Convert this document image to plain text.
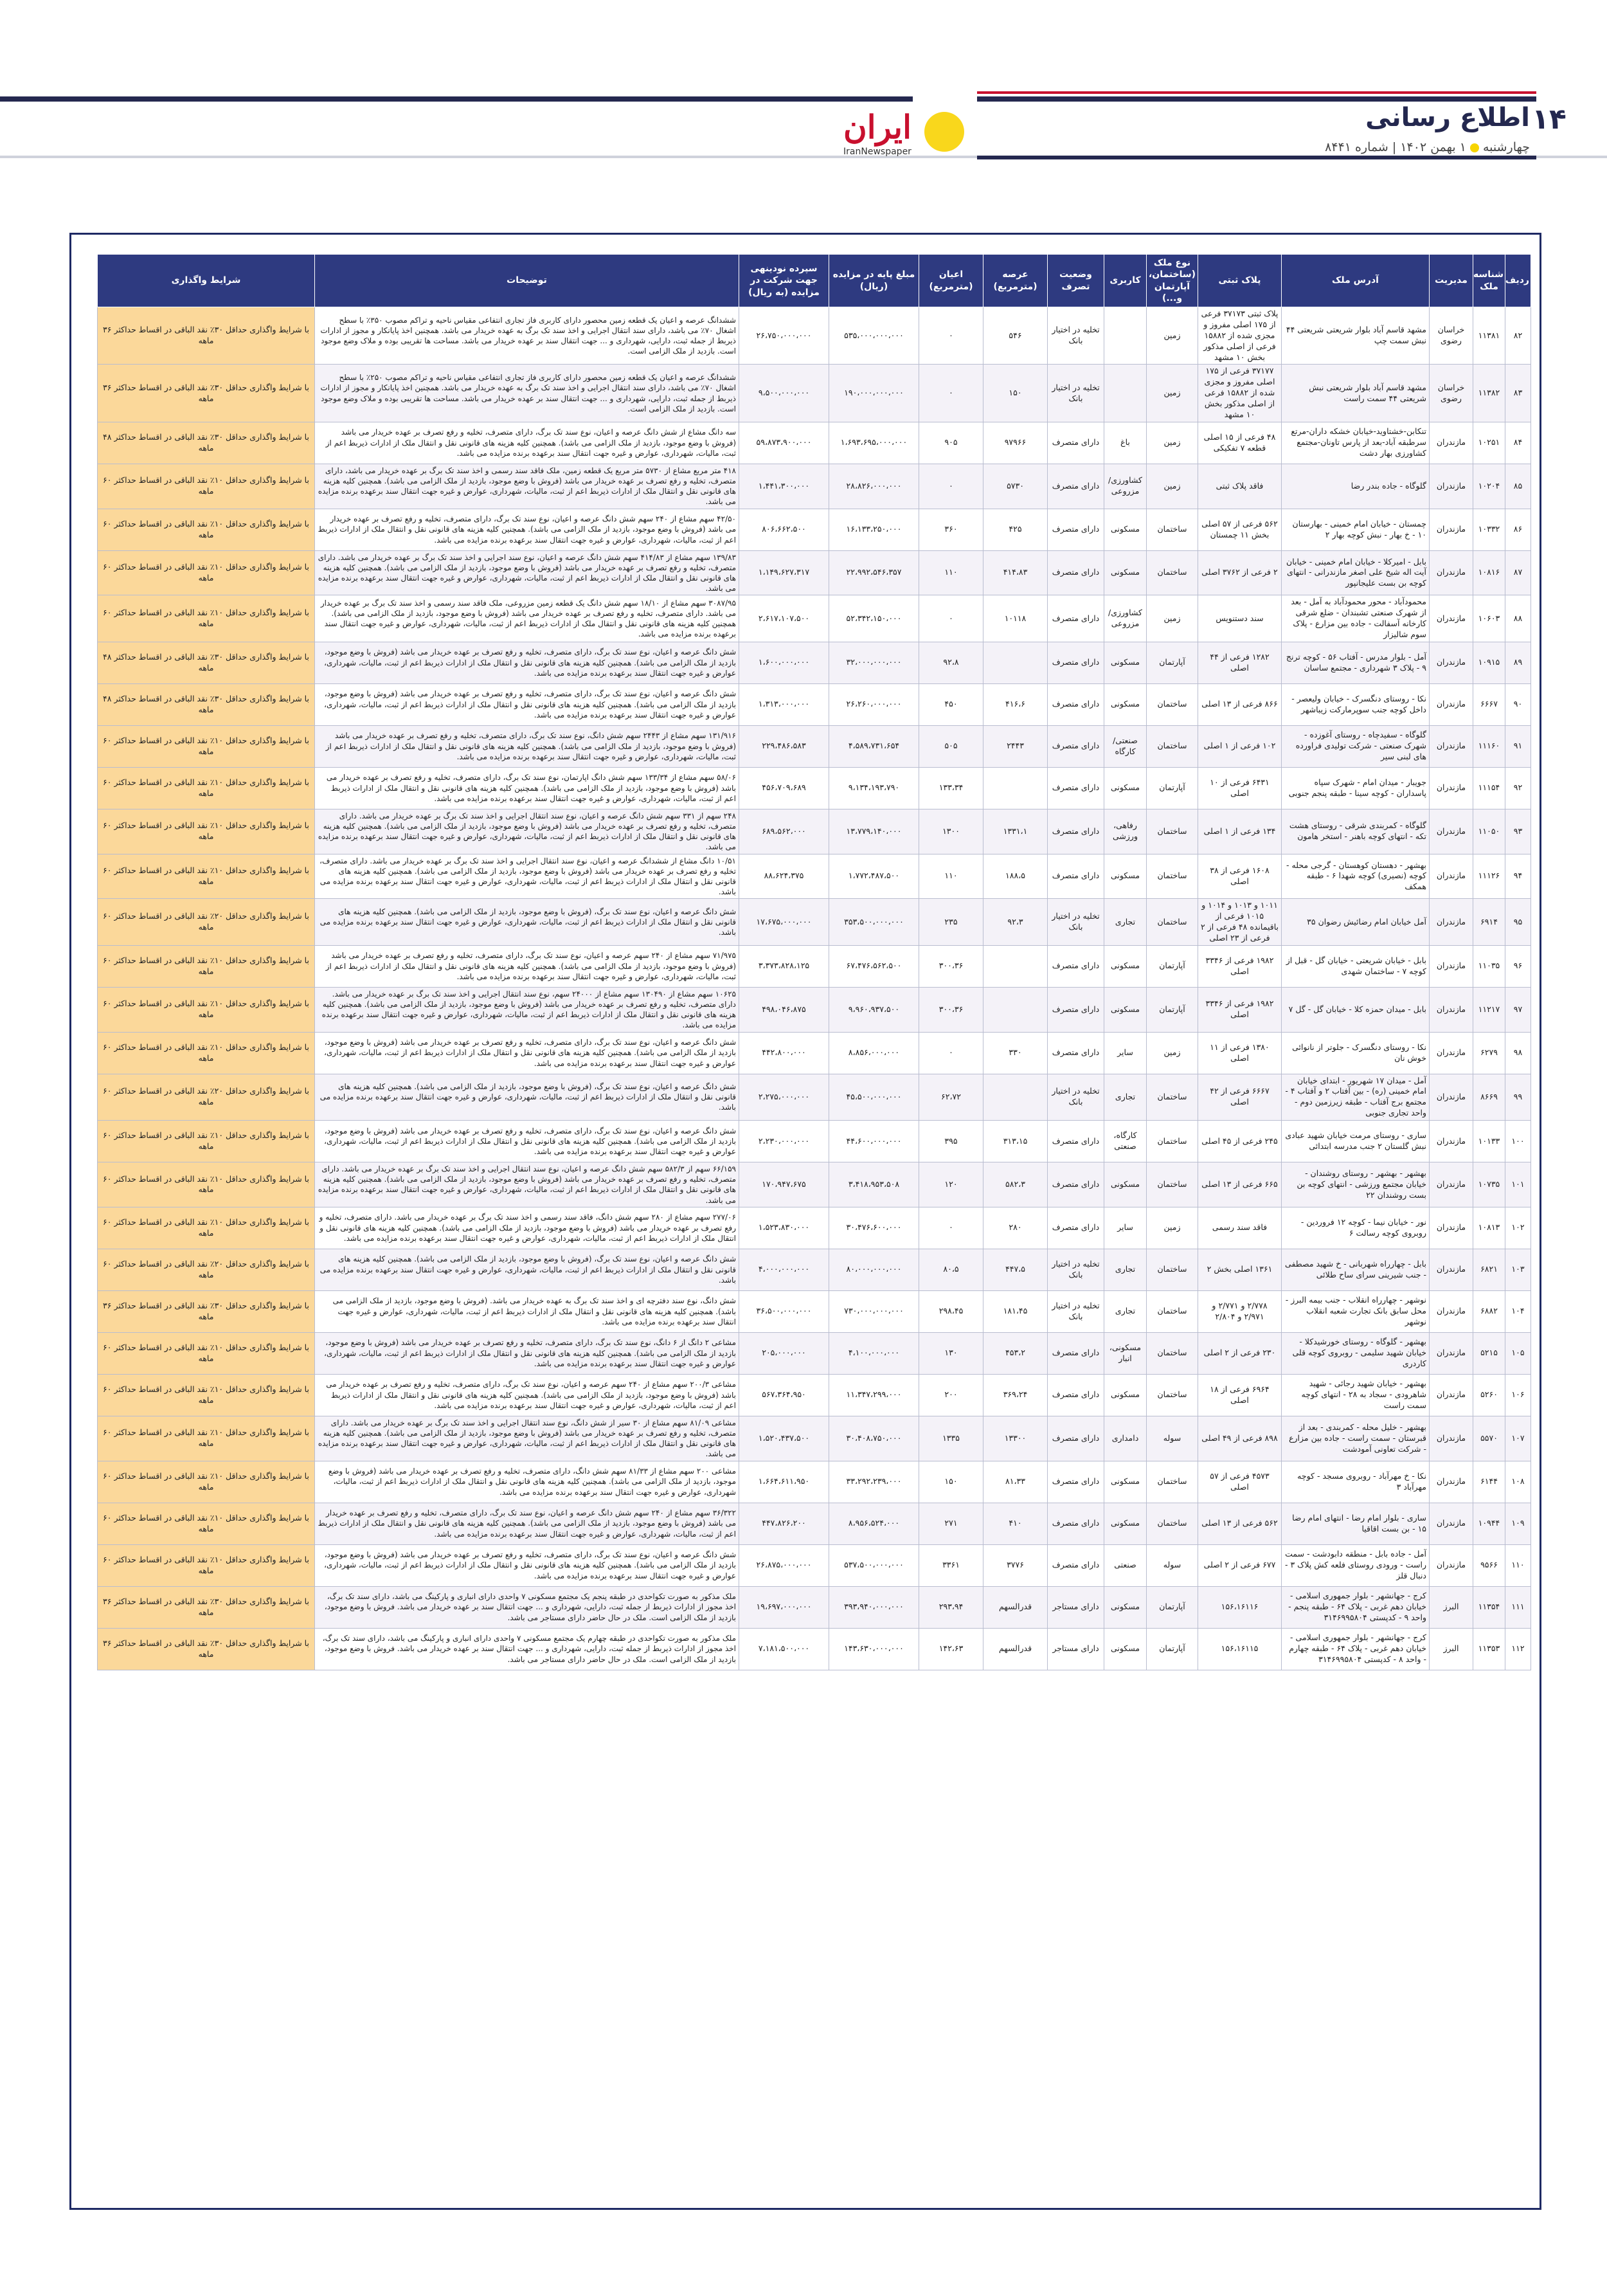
۱۴
اطلاع رسانی
چهارشنبه۱ بهمن ۱۴۰۲ | شماره ۸۴۴۱
ایران
IranNewspaper
ردیف	شناسه ملک	مدیریت	آدرس ملک	پلاک ثبتی	نوع ملک (ساختمان، آپارتمان و...)	کاربری	وضعیت تصرف	عرصه (مترمربع)	اعیان (مترمربع)	مبلغ پایه در مزایده (ریال)	سپرده نودینهی جهت شرکت در مزایده (به ریال)	توضیحات	شرایط واگذاری
۸۲	۱۱۳۸۱	خراسان رضوی	مشهد قاسم آباد بلوار شریعتی شریعتی ۴۴ نبش سمت چپ	پلاک ثبتی ۳۷۱۷۳ فرعی از ۱۷۵ اصلی مفروز و مجزی شده از ۱۵۸۸۲ فرعی از اصلی مذکور بخش ۱۰ مشهد	زمین		تخلیه در اختیار بانک	۵۴۶	۰	۵۳۵،۰۰۰،۰۰۰،۰۰۰	۲۶،۷۵۰،۰۰۰،۰۰۰	ششدانگ عرصه و اعیان یک قطعه زمین محصور دارای کاربری فاز تجاری انتفاعی مقیاس ناحیه و تراکم مصوب ۳۵۰٪ با سطح اشغال ۷۰٪ می باشد، دارای سند انتقال اجرایی و اخذ سند تک برگ به عهده خریدار می باشد. همچنین اخذ پایانکار و مجوز از ادارات ذیربط از جمله ثبت، دارایی، شهرداری و ... جهت انتقال سند بر عهده خریدار می باشد. مساحت ها تقریبی بوده و ملاک وضع موجود است. بازدید از ملک الزامی است.	با شرایط واگذاری حداقل ۳۰٪ نقد الباقی در اقساط حداکثر ۳۶ ماهه
۸۳	۱۱۳۸۲	خراسان رضوی	مشهد قاسم آباد بلوار شریعتی نبش شریعتی ۴۴ سمت راست	۳۷۱۷۷ فرعی از ۱۷۵ اصلی مفروز و مجزی شده از ۱۵۸۸۲ فرعی از اصلی مذکور بخش ۱۰ مشهد	زمین		تخلیه در اختیار بانک	۱۵۰	۰	۱۹۰،۰۰۰،۰۰۰،۰۰۰	۹،۵۰۰،۰۰۰،۰۰۰	ششدانگ عرصه و اعیان یک قطعه زمین محصور دارای کاربری فاز تجاری انتفاعی مقیاس ناحیه و تراکم مصوب ۲۵۰٪ با سطح اشغال ۷۰٪ می باشد، دارای سند انتقال اجرایی و اخذ سند تک برگ به عهده خریدار می باشد. همچنین اخذ پایانکار و مجوز از ادارات ذیربط از جمله ثبت، دارایی، شهرداری و ... جهت انتقال سند بر عهده خریدار می باشد. مساحت ها تقریبی بوده و ملاک وضع موجود است. بازدید از ملک الزامی است.	با شرایط واگذاری حداقل ۳۰٪ نقد الباقی در اقساط حداکثر ۳۶ ماهه
۸۴	۱۰۲۵۱	مازندران	تنکابن-خشتاوید-خیابان خشکه داران-مرتع سرطبقه آباد-بعد از پارس تاونان-مجتمع کشاورزی بهار دشت	۴۸ فرعی از ۱۵ اصلی قطعه ۷ تفکیکی	زمین	باغ	دارای متصرف	۹۷۹۶۶	۹۰۵	۱،۶۹۳،۶۹۵،۰۰۰،۰۰۰	۵۹،۸۷۳،۹۰۰،۰۰۰	سه دانگ مشاع از شش دانگ عرصه و اعیان، نوع سند تک برگ، دارای متصرف، تخلیه و رفع تصرف بر عهده خریدار می باشد (فروش با وضع موجود، بازدید از ملک الزامی می باشد). همچنین کلیه هزینه های قانونی نقل و انتقال ملک از ادارات ذیربط اعم از ثبت، مالیات، شهرداری، عوارض و غیره جهت انتقال سند برعهده برنده مزایده می باشد.	با شرایط واگذاری حداقل ۳۰٪ نقد الباقی در اقساط حداکثر ۴۸ ماهه
۸۵	۱۰۲۰۴	مازندران	گلوگاه - جاده بندر رضا	فاقد پلاک ثبتی	زمین	کشاورزی/ مزروعی	دارای متصرف	۵۷۳۰	۰	۲۸،۸۲۶،۰۰۰،۰۰۰	۱،۴۴۱،۳۰۰،۰۰۰	۴۱۸ متر مربع مشاع از ۵۷۳۰ متر مربع یک قطعه زمین، ملک فاقد سند رسمی و اخذ سند تک برگ بر عهده خریدار می باشد، دارای متصرف، تخلیه و رفع تصرف بر عهده خریدار می باشد (فروش با وضع موجود، بازدید از ملک الزامی می باشد). همچنین کلیه هزینه های قانونی نقل و انتقال ملک از ادارات ذیربط اعم از ثبت، مالیات، شهرداری، عوارض و غیره جهت انتقال سند برعهده برنده مزایده می باشد.	با شرایط واگذاری حداقل ۱۰٪ نقد الباقی در اقساط حداکثر ۶۰ ماهه
۸۶	۱۰۳۳۲	مازندران	چمستان - خیابان امام خمینی - بهارستان ۱۰ - خ بهار - نبش کوچه بهار ۲	۵۶۲ فرعی از ۵۷ اصلی بخش ۱۱ چمستان	ساختمان	مسکونی	دارای متصرف	۴۲۵	۳۶۰	۱۶،۱۳۳،۲۵۰،۰۰۰	۸۰۶،۶۶۲،۵۰۰	۴۲/۵۰ سهم مشاع از ۲۴۰ سهم شش دانگ عرصه و اعیان، نوع سند تک برگ، دارای متصرف، تخلیه و رفع تصرف بر عهده خریدار می باشد (فروش با وضع موجود، بازدید از ملک الزامی می باشد). همچنین کلیه هزینه های قانونی نقل و انتقال ملک از ادارات ذیربط اعم از ثبت، مالیات، شهرداری، عوارض و غیره جهت انتقال سند برعهده برنده مزایده می باشد.	با شرایط واگذاری حداقل ۱۰٪ نقد الباقی در اقساط حداکثر ۶۰ ماهه
۸۷	۱۰۸۱۶	مازندران	بابل - امیرکلا - خیابان امام خمینی - خیابان آیت اله شیخ علی اصغر مازندرانی - انتهای کوچه بن بست علیجانپور	۲ فرعی از ۳۷۶۲ اصلی	ساختمان	مسکونی	دارای متصرف	۴۱۴،۸۳	۱۱۰	۲۲،۹۹۲،۵۴۶،۳۵۷	۱،۱۴۹،۶۲۷،۳۱۷	۱۳۹/۸۳ سهم مشاع از ۴۱۴/۸۳ سهم شش دانگ عرصه و اعیان، نوع سند اجرایی و اخذ سند تک برگ بر عهده خریدار می باشد. دارای متصرف، تخلیه و رفع تصرف بر عهده خریدار می باشد (فروش با وضع موجود، بازدید از ملک الزامی می باشد). همچنین کلیه هزینه های قانونی نقل و انتقال ملک از ادارات ذیربط اعم از ثبت، مالیات، شهرداری، عوارض و غیره جهت انتقال سند برعهده برنده مزایده می باشد.	با شرایط واگذاری حداقل ۱۰٪ نقد الباقی در اقساط حداکثر ۶۰ ماهه
۸۸	۱۰۶۰۳	مازندران	محمودآباد - محور محمودآباد به آمل - بعد از شهرک صنعتی تشبندان - ضلع شرقی کارخانه آسفالت - جاده بین مزارع - پلاک سوم شالیزار	سند دستنویس	زمین	کشاورزی/ مزروعی	دارای متصرف	۱۰۱۱۸	۰	۵۲،۳۴۲،۱۵۰،۰۰۰	۲،۶۱۷،۱۰۷،۵۰۰	۳۰۸۷/۹۵ سهم مشاع از ۱۸/۱۰ سهم شش دانگ یک قطعه زمین مزروعی، ملک فاقد سند رسمی و اخذ سند تک برگ بر عهده خریدار می باشد. دارای متصرف، تخلیه و رفع تصرف بر عهده خریدار می باشد (فروش با وضع موجود، بازدید از ملک الزامی می باشد). همچنین کلیه هزینه های قانونی نقل و انتقال ملک از ادارات ذیربط اعم از ثبت، مالیات، شهرداری، عوارض و غیره جهت انتقال سند برعهده برنده مزایده می باشد.	با شرایط واگذاری حداقل ۱۰٪ نقد الباقی در اقساط حداکثر ۶۰ ماهه
۸۹	۱۰۹۱۵	مازندران	آمل - بلوار مدرس - آفتاب ۵۶ - کوچه ترنج ۹ - پلاک ۳ شهرداری - مجتمع ساسان	۱۲۸۲ فرعی از ۴۴ اصلی	آپارتمان	مسکونی	دارای متصرف		۹۲،۸	۳۲،۰۰۰،۰۰۰،۰۰۰	۱،۶۰۰،۰۰۰،۰۰۰	شش دانگ عرصه و اعیان، نوع سند تک برگ، دارای متصرف، تخلیه و رفع تصرف بر عهده خریدار می باشد (فروش با وضع موجود، بازدید از ملک الزامی می باشد). همچنین کلیه هزینه های قانونی نقل و انتقال ملک از ادارات ذیربط اعم از ثبت، مالیات، شهرداری، عوارض و غیره جهت انتقال سند برعهده برنده مزایده می باشد.	با شرایط واگذاری حداقل ۳۰٪ نقد الباقی در اقساط حداکثر ۴۸ ماهه
۹۰	۶۶۶۷	مازندران	نکا - روستای دنگسرک - خیابان ولیعصر - داخل کوچه جنب سوپرمارکت زیباشهر	۸۶۶ فرعی از ۱۳ اصلی	ساختمان	مسکونی	دارای متصرف	۴۱۶،۶	۴۵۰	۲۶،۲۶۰،۰۰۰،۰۰۰	۱،۳۱۳،۰۰۰،۰۰۰	شش دانگ عرصه و اعیان، نوع سند تک برگ، دارای متصرف، تخلیه و رفع تصرف بر عهده خریدار می باشد (فروش با وضع موجود، بازدید از ملک الزامی می باشد). همچنین کلیه هزینه های قانونی نقل و انتقال ملک از ادارات ذیربط اعم از ثبت، مالیات، شهرداری، عوارض و غیره جهت انتقال سند برعهده برنده مزایده می باشد.	با شرایط واگذاری حداقل ۳۰٪ نقد الباقی در اقساط حداکثر ۴۸ ماهه
۹۱	۱۱۱۶۰	مازندران	گلوگاه - سفیدچاه - روستای آغوزده - شهرک صنعتی - شرکت تولیدی فراورده های لبنی سیر	۱۰۲ فرعی از ۱ اصلی	ساختمان	صنعتی/ کارگاه	دارای متصرف	۲۴۴۳	۵۰۵	۴،۵۸۹،۷۳۱،۶۵۴	۲۲۹،۴۸۶،۵۸۳	۱۳۱/۹۱۶ سهم مشاع از ۲۴۴۳ سهم شش دانگ، نوع سند تک برگ، دارای متصرف، تخلیه و رفع تصرف بر عهده خریدار می باشد (فروش با وضع موجود، بازدید از ملک الزامی می باشد). همچنین کلیه هزینه های قانونی نقل و انتقال ملک از ادارات ذیربط اعم از ثبت، مالیات، شهرداری، عوارض و غیره جهت انتقال سند برعهده برنده مزایده می باشد.	با شرایط واگذاری حداقل ۱۰٪ نقد الباقی در اقساط حداکثر ۶۰ ماهه
۹۲	۱۱۱۵۴	مازندران	جویبار - میدان امام - شهرک سپاه پاسداران - کوچه سینا - طبقه پنجم جنوبی	۶۴۳۱ فرعی از ۱۰ اصلی	آپارتمان	مسکونی	دارای متصرف		۱۳۳،۳۴	۹،۱۳۴،۱۹۳،۷۹۰	۴۵۶،۷۰۹،۶۸۹	۵۸/۰۶ سهم مشاع از ۱۳۳/۳۴ سهم شش دانگ اپارتمان، نوع سند تک برگ، دارای متصرف، تخلیه و رفع تصرف بر عهده خریدار می باشد (فروش با وضع موجود، بازدید از ملک الزامی می باشد). همچنین کلیه هزینه های قانونی نقل و انتقال ملک از ادارات ذیربط اعم از ثبت، مالیات، شهرداری، عوارض و غیره جهت انتقال سند برعهده برنده مزایده می باشد.	با شرایط واگذاری حداقل ۱۰٪ نقد الباقی در اقساط حداکثر ۶۰ ماهه
۹۳	۱۱۰۵۰	مازندران	گلوگاه - کمربندی شرقی - روستای هشت تکه - انتهای کوچه باهنر - استخر هامون	۱۳۴ فرعی از ۱ اصلی	ساختمان	رفاهی، ورزشی	دارای متصرف	۱۳۳۱،۱	۱۳۰۰	۱۳،۷۷۹،۱۴۰،۰۰۰	۶۸۹،۵۶۲،۰۰۰	۲۴۸ سهم از ۳۳۱ سهم شش دانگ عرصه و اعیان، نوع سند انتقال اجرایی و اخذ سند تک برگ بر عهده خریدار می باشد. دارای متصرف، تخلیه و رفع تصرف بر عهده خریدار می باشد (فروش با وضع موجود، بازدید از ملک الزامی می باشد). همچنین کلیه هزینه های قانونی نقل و انتقال ملک از ادارات ذیربط اعم از ثبت، مالیات، شهرداری، عوارض و غیره جهت انتقال سند برعهده برنده مزایده می باشد.	با شرایط واگذاری حداقل ۱۰٪ نقد الباقی در اقساط حداکثر ۶۰ ماهه
۹۴	۱۱۱۲۶	مازندران	بهشهر - دهستان کوهستان - گرجی محله - کوچه (نصیری) کوچه شهدا ۶ - طبقه همکف	۱۶۰۸ فرعی از ۳۸ اصلی	ساختمان	مسکونی	دارای متصرف	۱۸۸،۵	۱۱۰	۱،۷۷۲،۴۸۷،۵۰۰	۸۸،۶۲۴،۳۷۵	۱۰/۵۱ دانگ مشاع از ششدانگ عرصه و اعیان، نوع سند انتقال اجرایی و اخذ سند تک برگ بر عهده خریدار می باشد. دارای متصرف، تخلیه و رفع تصرف بر عهده خریدار می باشد (فروش با وضع موجود، بازدید از ملک الزامی می باشد). همچنین کلیه هزینه های قانونی نقل و انتقال ملک از ادارات ذیربط اعم از ثبت، مالیات، شهرداری، عوارض و غیره جهت انتقال سند برعهده برنده مزایده می باشد.	با شرایط واگذاری حداقل ۱۰٪ نقد الباقی در اقساط حداکثر ۶۰ ماهه
۹۵	۶۹۱۴	مازندران	آمل خیابان امام رضائیش رضوان ۳۵	۱۰۱۱ و ۱۰۱۳ و ۱۰۱۴ و ۱۰۱۵ فرعی از باقیمانده ۴۸ فرعی از ۲ فرعی از ۲۳ اصلی	ساختمان	تجاری	تخلیه در اختیار بانک	۹۲،۳	۲۳۵	۳۵۳،۵۰۰،۰۰۰،۰۰۰	۱۷،۶۷۵،۰۰۰،۰۰۰	شش دانگ عرصه و اعیان، نوع سند تک برگ، (فروش با وضع موجود، بازدید از ملک الزامی می باشد). همچنین کلیه هزینه های قانونی نقل و انتقال ملک از ادارات ذیربط اعم از ثبت، مالیات، شهرداری، عوارض و غیره جهت انتقال سند برعهده برنده مزایده می باشد.	با شرایط واگذاری حداقل ۲۰٪ نقد الباقی در اقساط حداکثر ۶۰ ماهه
۹۶	۱۱۰۳۵	مازندران	بابل - خیابان شریعتی - خیابان گل - قبل از کوچه ۷ - ساختمان شهدی	۱۹۸۲ فرعی از ۳۳۴۶ اصلی	آپارتمان	مسکونی	دارای متصرف		۳۰۰،۳۶	۶۷،۴۷۶،۵۶۲،۵۰۰	۳،۳۷۳،۸۲۸،۱۲۵	۷۱/۹۷۵ سهم مشاع از ۲۴۰ سهم عرصه و اعیان، نوع سند تک برگ، دارای متصرف، تخلیه و رفع تصرف بر عهده خریدار می باشد (فروش با وضع موجود، بازدید از ملک الزامی می باشد). همچنین کلیه هزینه های قانونی نقل و انتقال ملک از ادارات ذیربط اعم از ثبت، مالیات، شهرداری، عوارض و غیره جهت انتقال سند برعهده برنده مزایده می باشد.	با شرایط واگذاری حداقل ۱۰٪ نقد الباقی در اقساط حداکثر ۶۰ ماهه
۹۷	۱۱۲۱۷	مازندران	بابل - میدان حمزه کلا - خیابان گل - گل ۷	۱۹۸۲ فرعی از ۳۳۴۶ اصلی	آپارتمان	مسکونی	دارای متصرف		۳۰۰،۳۶	۹،۹۶۰،۹۳۷،۵۰۰	۴۹۸،۰۴۶،۸۷۵	۱۰۶۲۵ سهم مشاع از ۱۳۰۴۹۰ سهم مشاع از ۲۴۰۰۰ سهم، نوع سند انتقال اجرایی و اخذ سند تک برگ بر عهده خریدار می باشد. دارای متصرف، تخلیه و رفع تصرف بر عهده خریدار می باشد (فروش با وضع موجود، بازدید از ملک الزامی می باشد). همچنین کلیه هزینه های قانونی نقل و انتقال ملک از ادارات ذیربط اعم از ثبت، مالیات، شهرداری، عوارض و غیره جهت انتقال سند برعهده برنده مزایده می باشد.	با شرایط واگذاری حداقل ۱۰٪ نقد الباقی در اقساط حداکثر ۶۰ ماهه
۹۸	۶۲۷۹	مازندران	نکا - روستای دنگسرک - جلوتر از نانوائی خوش نان	۱۳۸۰ فرعی از ۱۱ اصلی	زمین	سایر	دارای متصرف	۳۳۰	۰	۸،۸۵۶،۰۰۰،۰۰۰	۴۴۲،۸۰۰،۰۰۰	شش دانگ عرصه و اعیان، نوع سند تک برگ، دارای متصرف، تخلیه و رفع تصرف بر عهده خریدار می باشد (فروش با وضع موجود، بازدید از ملک الزامی می باشد). همچنین کلیه هزینه های قانونی نقل و انتقال ملک از ادارات ذیربط اعم از ثبت، مالیات، شهرداری، عوارض و غیره جهت انتقال سند برعهده برنده مزایده می باشد.	با شرایط واگذاری حداقل ۱۰٪ نقد الباقی در اقساط حداکثر ۶۰ ماهه
۹۹	۸۶۶۹	مازندران	آمل - میدان ۱۷ شهریور - ابتدای خیابان امام خمینی (ره) - بین آفتاب ۲ و آفتاب ۴ - مجتمع برج آفتاب - طبقه زیرزمین دوم - واحد تجاری جنوبی	۶۶۶۷ فرعی از ۴۲ اصلی	ساختمان	تجاری	تخلیه در اختیار بانک		۶۲،۷۲	۴۵،۵۰۰،۰۰۰،۰۰۰	۲،۲۷۵،۰۰۰،۰۰۰	شش دانگ عرصه و اعیان، نوع سند تک برگ، (فروش با وضع موجود، بازدید از ملک الزامی می باشد). همچنین کلیه هزینه های قانونی نقل و انتقال ملک از ادارات ذیربط اعم از ثبت، مالیات، شهرداری، عوارض و غیره جهت انتقال سند برعهده برنده مزایده می باشد.	با شرایط واگذاری حداقل ۲۰٪ نقد الباقی در اقساط حداکثر ۶۰ ماهه
۱۰۰	۱۰۱۳۳	مازندران	ساری - روستای مرمت خیابان شهید عبادی نبش گلستان ۲ جنب مدرسه ابتدائی	۲۴۵ فرعی از ۴۵ اصلی	ساختمان	کارگاه، صنعتی	دارای متصرف	۳۱۳،۱۵	۳۹۵	۴۴،۶۰۰،۰۰۰،۰۰۰	۲،۲۳۰،۰۰۰،۰۰۰	شش دانگ عرصه و اعیان، نوع سند تک برگ، دارای متصرف، تخلیه و رفع تصرف بر عهده خریدار می باشد (فروش با وضع موجود، بازدید از ملک الزامی می باشد). همچنین کلیه هزینه های قانونی نقل و انتقال ملک از ادارات ذیربط اعم از ثبت، مالیات، شهرداری، عوارض و غیره جهت انتقال سند برعهده برنده مزایده می باشد.	با شرایط واگذاری حداقل ۱۰٪ نقد الباقی در اقساط حداکثر ۶۰ ماهه
۱۰۱	۱۰۷۳۵	مازندران	بهشهر - بهشهر - روستای روشندان - خیابان مجتمع ورزشی - انتهای کوچه بن بست روشندان ۲۲	۶۶۵ فرعی از ۱۳ اصلی	ساختمان	مسکونی	دارای متصرف	۵۸۲،۳	۱۲۰	۳،۴۱۸،۹۵۳،۵۰۸	۱۷۰،۹۴۷،۶۷۵	۶۶/۱۵۹ سهم از ۵۸۲/۳ سهم شش دانگ عرصه و اعیان، نوع سند انتقال اجرایی و اخذ سند تک برگ بر عهده خریدار می باشد. دارای متصرف، تخلیه و رفع تصرف بر عهده خریدار می باشد (فروش با وضع موجود، بازدید از ملک الزامی می باشد). همچنین کلیه هزینه های قانونی نقل و انتقال ملک از ادارات ذیربط اعم از ثبت، مالیات، شهرداری، عوارض و غیره جهت انتقال سند برعهده برنده مزایده می باشد.	با شرایط واگذاری حداقل ۱۰٪ نقد الباقی در اقساط حداکثر ۶۰ ماهه
۱۰۲	۱۰۸۱۳	مازندران	نور - خیابان نیما - کوچه ۱۲ فروردین - روبروی کوچه رسالت ۶	فاقد سند رسمی	زمین	سایر	دارای متصرف	۲۸۰	۰	۳۰،۴۷۶،۶۰۰،۰۰۰	۱،۵۲۳،۸۳۰،۰۰۰	۲۷۷/۰۶ سهم مشاع از ۲۸۰ سهم شش دانگ، فاقد سند رسمی و اخذ سند تک برگ بر عهده خریدار می باشد. دارای متصرف، تخلیه و رفع تصرف بر عهده خریدار می باشد (فروش با وضع موجود، بازدید از ملک الزامی می باشد). همچنین کلیه هزینه های قانونی نقل و انتقال ملک از ادارات ذیربط اعم از ثبت، مالیات، شهرداری، عوارض و غیره جهت انتقال سند برعهده برنده مزایده می باشد.	با شرایط واگذاری حداقل ۱۰٪ نقد الباقی در اقساط حداکثر ۶۰ ماهه
۱۰۳	۶۸۲۱	مازندران	بابل - چهارراه شهربانی - خ شهید مصطفی - جنب شیرینی سرای ساح طلائی	۱۳۶۱ اصلی بخش ۲	ساختمان	تجاری	تخلیه در اختیار بانک	۴۴۷،۵	۸۰،۵	۸۰،۰۰۰،۰۰۰،۰۰۰	۴،۰۰۰،۰۰۰،۰۰۰	شش دانگ عرصه و اعیان، نوع سند تک برگ، (فروش با وضع موجود، بازدید از ملک الزامی می باشد). همچنین کلیه هزینه های قانونی نقل و انتقال ملک از ادارات ذیربط اعم از ثبت، مالیات، شهرداری، عوارض و غیره جهت انتقال سند برعهده برنده مزایده می باشد.	با شرایط واگذاری حداقل ۲۰٪ نقد الباقی در اقساط حداکثر ۶۰ ماهه
۱۰۴	۶۸۸۲	مازندران	نوشهر - چهارراه انقلاب - جنب بیمه البرز - محل سابق بانک تجارت شعبه انقلاب نوشهر	۲/۷۷۸ و ۲/۷۷۱ و ۲/۹۷۱ و ۲/۸۰۴	ساختمان	تجاری	تخلیه در اختیار بانک	۱۸۱،۴۵	۲۹۸،۴۵	۷۳۰،۰۰۰،۰۰۰،۰۰۰	۳۶،۵۰۰،۰۰۰،۰۰۰	شش دانگ، نوع سند دفترچه ای و اخذ سند تک برگ به عهده خریدار می باشد. (فروش با وضع موجود، بازدید از ملک الزامی می باشد). همچنین کلیه هزینه های قانونی نقل و انتقال ملک از ادارات ذیربط اعم از ثبت، مالیات، شهرداری، عوارض و غیره جهت انتقال سند برعهده برنده مزایده می باشد.	با شرایط واگذاری حداقل ۳۰٪ نقد الباقی در اقساط حداکثر ۳۶ ماهه
۱۰۵	۵۲۱۵	مازندران	بهشهر - گلوگاه - روستای خورشیدکلا - خیابان شهید سلیمی - روبروی کوچه قلی کاردری	۲۳۰ فرعی از ۲ اصلی	ساختمان	مسکونی، انبار	دارای متصرف	۴۵۳،۲	۱۳۰	۴،۱۰۰،۰۰۰،۰۰۰	۲۰۵،۰۰۰،۰۰۰	مشاعی ۲ دانگ از ۶ دانگ، نوع سند تک برگ، دارای متصرف، تخلیه و رفع تصرف بر عهده خریدار می باشد (فروش با وضع موجود، بازدید از ملک الزامی می باشد). همچنین کلیه هزینه های قانونی نقل و انتقال ملک از ادارات ذیربط اعم از ثبت، مالیات، شهرداری، عوارض و غیره جهت انتقال سند برعهده برنده مزایده می باشد.	با شرایط واگذاری حداقل ۱۰٪ نقد الباقی در اقساط حداکثر ۶۰ ماهه
۱۰۶	۵۲۶۰	مازندران	بهشهر - خیابان شهید رجائی - شهید شاهرودی - سجاد به ۲۸ - انتهای کوچه سمت راست	۶۹۶۴ فرعی از ۱۸ اصلی	ساختمان	مسکونی	دارای متصرف	۳۶۹،۲۴	۲۰۰	۱۱،۳۴۷،۲۹۹،۰۰۰	۵۶۷،۳۶۴،۹۵۰	مشاعی ۲۰۰/۳ سهم مشاع از ۲۴۰ سهم عرصه و اعیان، نوع سند تک برگ، دارای متصرف، تخلیه و رفع تصرف بر عهده خریدار می باشد (فروش با وضع موجود، بازدید از ملک الزامی می باشد). همچنین کلیه هزینه های قانونی نقل و انتقال ملک از ادارات ذیربط اعم از ثبت، مالیات، شهرداری، عوارض و غیره جهت انتقال سند برعهده برنده مزایده می باشد.	با شرایط واگذاری حداقل ۱۰٪ نقد الباقی در اقساط حداکثر ۶۰ ماهه
۱۰۷	۵۵۷۰	مازندران	بهشهر - خلیل محله - کمربندی - بعد از قبرستان - سمت راست - جاده بین مزارع - شرکت تعاونی آمودشت	۸۹۸ فرعی از ۴۹ اصلی	سوله	دامداری	دارای متصرف	۱۳۳۰۰	۱۳۳۵	۳۰،۴۰۸،۷۵۰،۰۰۰	۱،۵۲۰،۴۳۷،۵۰۰	مشاعی ۸۱/۰۹ سهم مشاع از ۳۰ سیر از شش دانگ، نوع سند انتقال اجرایی و اخذ سند تک برگ بر عهده خریدار می باشد. دارای متصرف، تخلیه و رفع تصرف بر عهده خریدار می باشد (فروش با وضع موجود، بازدید از ملک الزامی می باشد). همچنین کلیه هزینه های قانونی نقل و انتقال ملک از ادارات ذیربط اعم از ثبت، مالیات، شهرداری، عوارض و غیره جهت انتقال سند برعهده برنده مزایده می باشد.	با شرایط واگذاری حداقل ۱۰٪ نقد الباقی در اقساط حداکثر ۶۰ ماهه
۱۰۸	۶۱۴۴	مازندران	نکا - خ مهرآباد - روبروی مسجد - کوچه مهرآباد ۳	۴۵۷۳ فرعی از ۵۷ اصلی	ساختمان	مسکونی	دارای متصرف	۸۱،۳۳	۱۵۰	۳۳،۲۹۲،۲۳۹،۰۰۰	۱،۶۶۴،۶۱۱،۹۵۰	مشاعی ۲۰۰ سهم مشاع از ۸۱/۳۳ سهم شش دانگ، دارای متصرف، تخلیه و رفع تصرف بر عهده خریدار می باشد (فروش با وضع موجود، بازدید از ملک الزامی می باشد). همچنین کلیه هزینه های قانونی نقل و انتقال ملک از ادارات ذیربط اعم از ثبت، مالیات، شهرداری، عوارض و غیره جهت انتقال سند برعهده برنده مزایده می باشد.	با شرایط واگذاری حداقل ۱۰٪ نقد الباقی در اقساط حداکثر ۶۰ ماهه
۱۰۹	۱۰۹۴۴	مازندران	ساری - بلوار امام رضا - انتهای امام رضا ۱۵ - بن بست اقاقیا	۵۶۲ فرعی از ۱۳ اصلی	ساختمان	مسکونی	دارای متصرف	۴۱۰	۲۷۱	۸،۹۵۶،۵۲۴،۰۰۰	۴۴۷،۸۲۶،۲۰۰	۳۶/۳۲۲ سهم مشاع از ۲۴۰ سهم شش دانگ عرصه و اعیان، نوع سند تک برگ، دارای متصرف، تخلیه و رفع تصرف بر عهده خریدار می باشد (فروش با وضع موجود، بازدید از ملک الزامی می باشد). همچنین کلیه هزینه های قانونی نقل و انتقال ملک از ادارات ذیربط اعم از ثبت، مالیات، شهرداری، عوارض و غیره جهت انتقال سند برعهده برنده مزایده می باشد.	با شرایط واگذاری حداقل ۱۰٪ نقد الباقی در اقساط حداکثر ۶۰ ماهه
۱۱۰	۹۵۶۶	مازندران	آمل - جاده بابل - منطقه دابودشت - سمت راست - ورودی روستای فلعه کش پلاک ۳ - دنبال قلز	۶۷۷ فرعی از ۲ اصلی	سوله	صنعتی	دارای متصرف	۳۷۷۶	۳۳۶۱	۵۳۷،۵۰۰،۰۰۰،۰۰۰	۲۶،۸۷۵،۰۰۰،۰۰۰	شش دانگ عرصه و اعیان، نوع سند تک برگ، دارای متصرف، تخلیه و رفع تصرف بر عهده خریدار می باشد (فروش با وضع موجود، بازدید از ملک الزامی می باشد). همچنین کلیه هزینه های قانونی نقل و انتقال ملک از ادارات ذیربط اعم از ثبت، مالیات، شهرداری، عوارض و غیره جهت انتقال سند برعهده برنده مزایده می باشد.	با شرایط واگذاری حداقل ۱۰٪ نقد الباقی در اقساط حداکثر ۶۰ ماهه
۱۱۱	۱۱۳۵۴	البرز	کرج - جهانشهر - بلوار جمهوری اسلامی - خیابان دهم غربی - پلاک ۶۴ - طبقه پنجم - واحد ۹ - کدپستی ۳۱۴۶۹۹۵۸۰۴	۱۵۶،۱۶۱۱۶	آپارتمان	مسکونی	دارای مستاجر	قدرالسهم	۲۹۳،۹۴	۳۹۳،۹۴۰،۰۰۰،۰۰۰	۱۹،۶۹۷،۰۰۰،۰۰۰	ملک مذکور به صورت تکواحدی در طبقه پنجم یک مجتمع مسکونی ۷ واحدی دارای انباری و پارکینگ می باشد، دارای سند تک برگ، اخذ مجوز از ادارات ذیربط از جمله ثبت، دارایی، شهرداری و ... جهت انتقال سند بر عهده خریدار می باشد. فروش با وضع موجود، بازدید از ملک الزامی است. ملک در حال حاضر دارای مستاجر می باشد.	با شرایط واگذاری حداقل ۳۰٪ نقد الباقی در اقساط حداکثر ۳۶ ماهه
۱۱۲	۱۱۳۵۳	البرز	کرج - جهانشهر - بلوار جمهوری اسلامی - خیابان دهم غربی - پلاک ۶۴ - طبقه چهارم - واحد ۸ - کدپستی ۳۱۴۶۹۹۵۸۰۴	۱۵۶،۱۶۱۱۵	آپارتمان	مسکونی	دارای مستاجر	قدرالسهم	۱۴۲،۶۳	۱۴۳،۶۳۰،۰۰۰،۰۰۰	۷،۱۸۱،۵۰۰،۰۰۰	ملک مذکور به صورت تکواحدی در طبقه چهارم یک مجتمع مسکونی ۷ واحدی دارای انباری و پارکینگ می باشد، دارای سند تک برگ، اخذ مجوز از ادارات ذیربط از جمله ثبت، دارایی، شهرداری و ... جهت انتقال سند بر عهده خریدار می باشد. فروش با وضع موجود، بازدید از ملک الزامی است. ملک در حال حاضر دارای مستاجر می باشد.	با شرایط واگذاری حداقل ۳۰٪ نقد الباقی در اقساط حداکثر ۳۶ ماهه
